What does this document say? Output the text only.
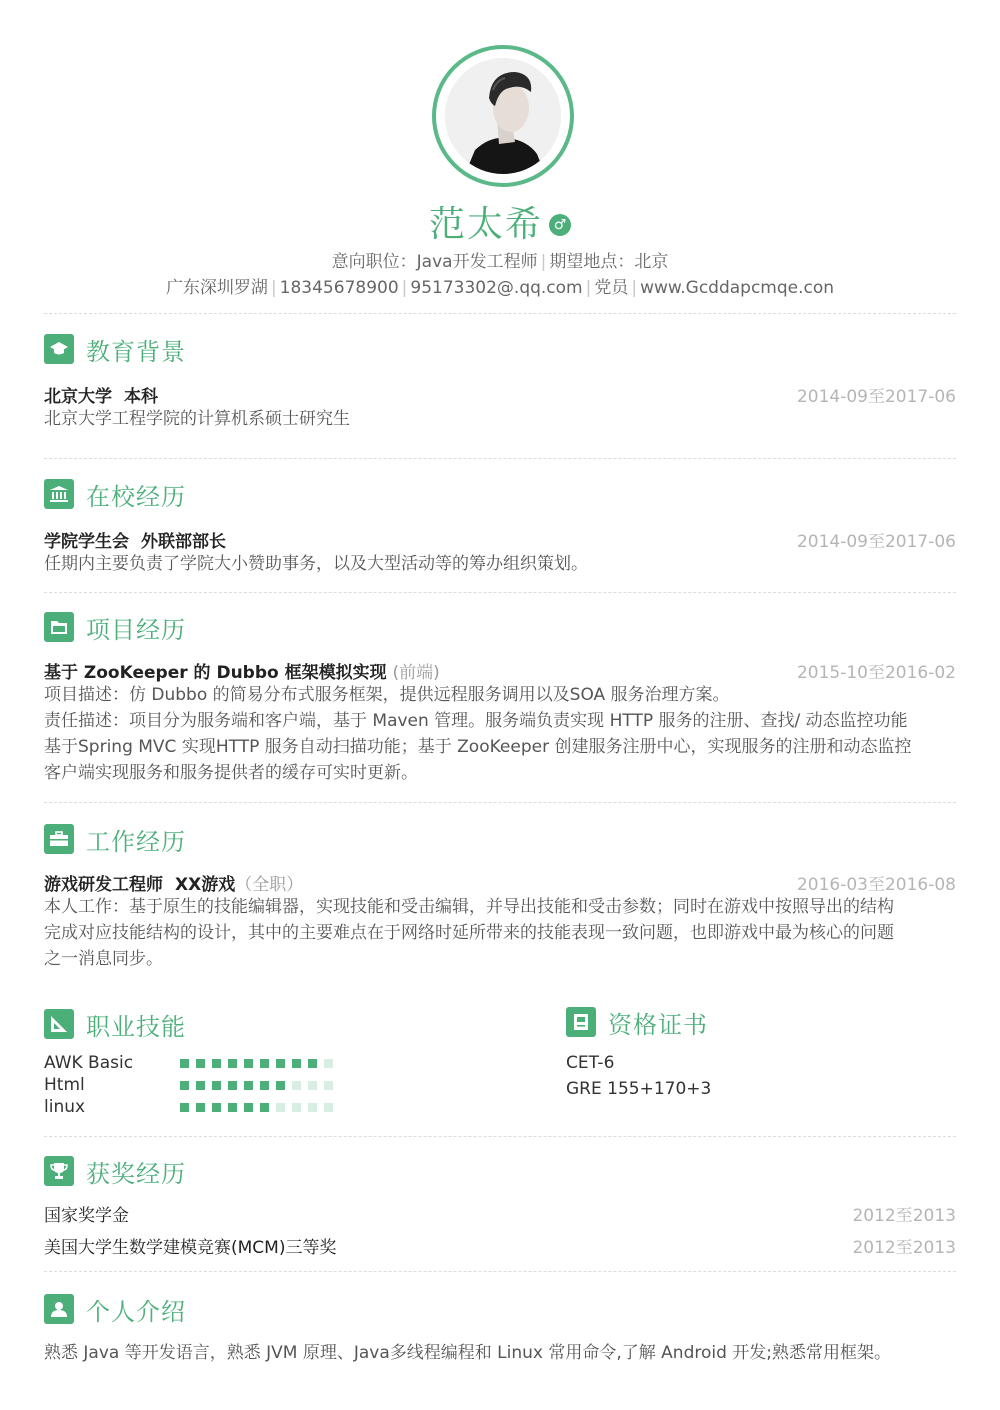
范太希 ♂
意向职位：Java开发工程师 | 期望地点：北京
广东深圳罗湖 | 18345678900 | 95173302@.qq.com | 党员 | www.Gcddapcmqe.con
教育背景
北京大学 本科	2014-09至2017-06
北京大学工程学院的计算机系硕士研究生
在校经历
学院学生会 外联部部长	2014-09至2017-06
任期内主要负责了学院大小赞助事务，以及大型活动等的筹办组织策划。
项目经历
基于 ZooKeeper 的 Dubbo 框架模拟实现 (前端)	2015-10至2016-02
项目描述：仿 Dubbo 的简易分布式服务框架，提供远程服务调用以及SOA 服务治理方案。
责任描述：项目分为服务端和客户端，基于 Maven 管理。服务端负责实现 HTTP 服务的注册、查找/ 动态监控功能
基于Spring MVC 实现HTTP 服务自动扫描功能；基于 ZooKeeper 创建服务注册中心，实现服务的注册和动态监控
客户端实现服务和服务提供者的缓存可实时更新。
工作经历
游戏研发工程师 XX游戏（全职）	2016-03至2016-08
本人工作：基于原生的技能编辑器，实现技能和受击编辑，并导出技能和受击参数；同时在游戏中按照导出的结构
完成对应技能结构的设计，其中的主要难点在于网络时延所带来的技能表现一致问题，也即游戏中最为核心的问题
之一消息同步。
职业技能
AWK Basic
Html
linux
资格证书
CET-6
GRE 155+170+3
获奖经历
国家奖学金	2012至2013
美国大学生数学建模竞赛(MCM)三等奖	2012至2013
个人介绍
熟悉 Java 等开发语言，熟悉 JVM 原理、Java多线程编程和 Linux 常用命令,了解 Android 开发;熟悉常用框架。
